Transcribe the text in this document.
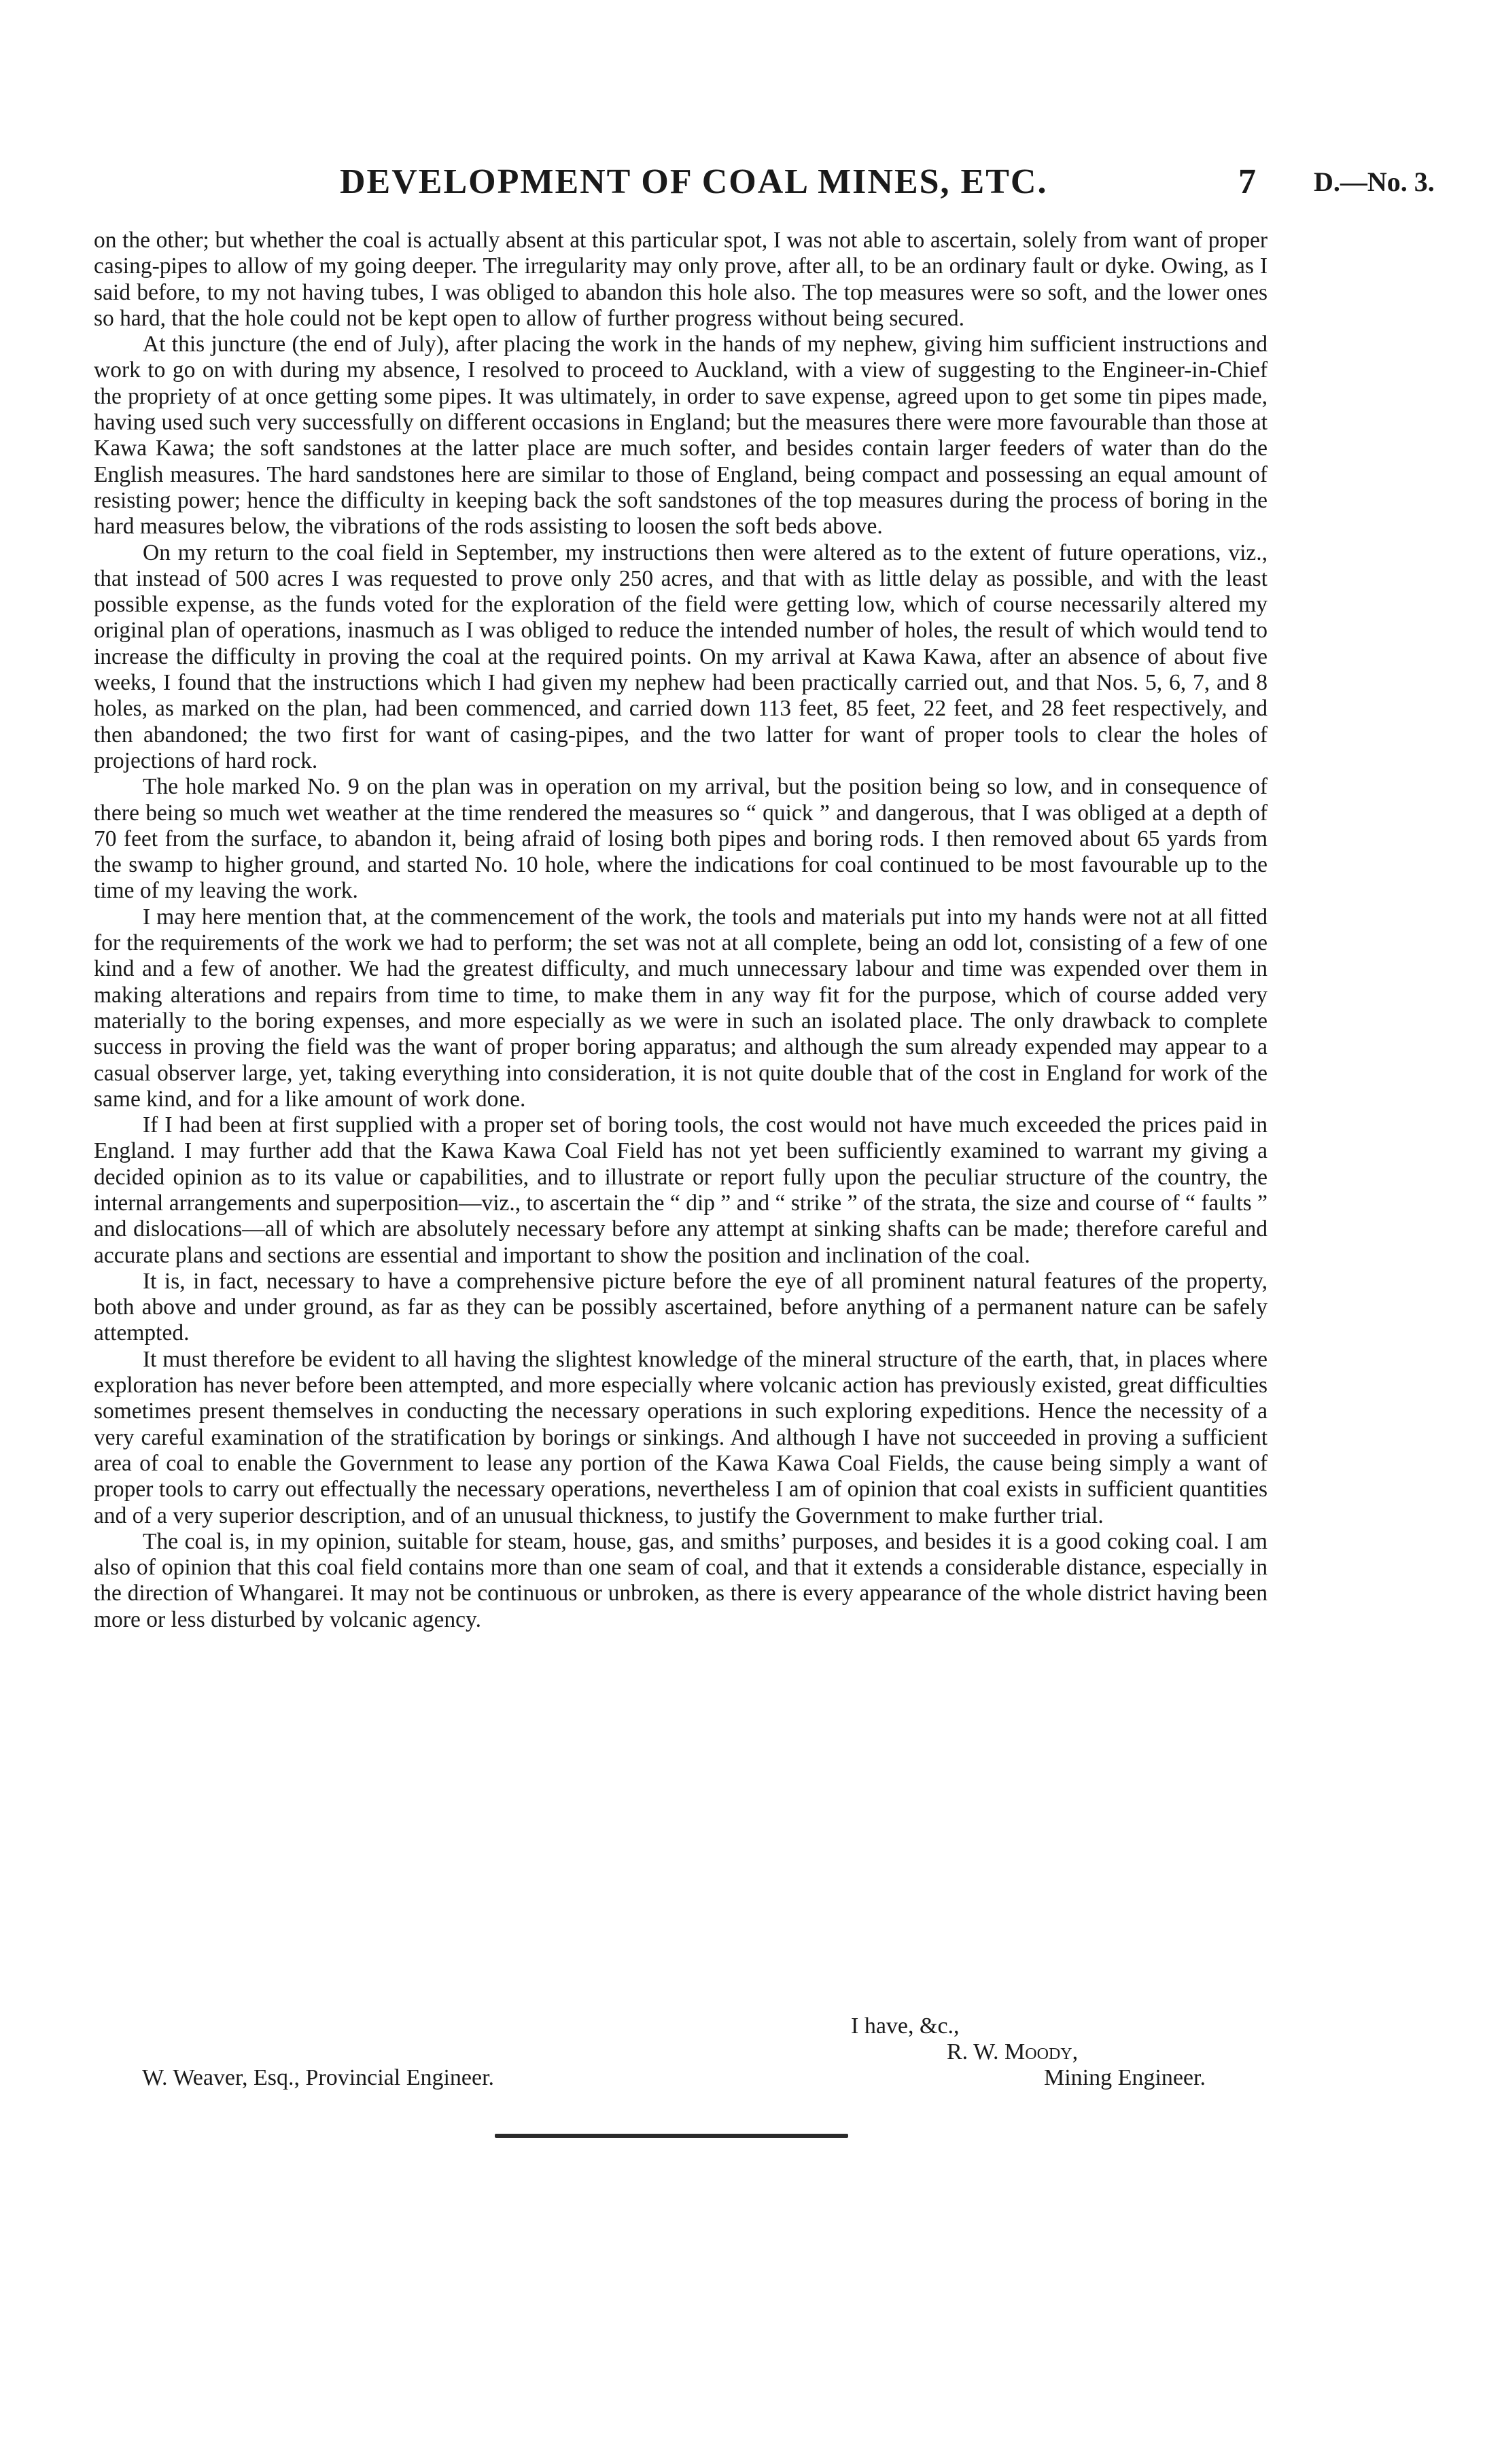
DEVELOPMENT OF COAL MINES, ETC.	7 D.—No. 3.

on the other; but whether the coal is actually absent at this particular spot, I was not able to ascertain, solely from want of proper casing-pipes to allow of my going deeper. The irregularity may only prove, after all, to be an ordinary fault or dyke. Owing, as I said before, to my not having tubes, I was obliged to abandon this hole also. The top measures were so soft, and the lower ones so hard, that the hole could not be kept open to allow of further progress without being secured.

At this juncture (the end of July), after placing the work in the hands of my nephew, giving him sufficient instructions and work to go on with during my absence, I resolved to proceed to Auckland, with a view of suggesting to the Engineer-in-Chief the propriety of at once getting some pipes. It was ultimately, in order to save expense, agreed upon to get some tin pipes made, having used such very successfully on different occasions in England; but the measures there were more favourable than those at Kawa Kawa; the soft sandstones at the latter place are much softer, and besides contain larger feeders of water than do the English measures. The hard sandstones here are similar to those of England, being compact and possessing an equal amount of resisting power; hence the difficulty in keeping back the soft sandstones of the top measures during the process of boring in the hard measures below, the vibrations of the rods assisting to loosen the soft beds above.

On my return to the coal field in September, my instructions then were altered as to the extent of future operations, viz., that instead of 500 acres I was requested to prove only 250 acres, and that with as little delay as possible, and with the least possible expense, as the funds voted for the exploration of the field were getting low, which of course necessarily altered my original plan of operations, inasmuch as I was obliged to reduce the intended number of holes, the result of which would tend to increase the difficulty in proving the coal at the required points. On my arrival at Kawa Kawa, after an absence of about five weeks, I found that the instructions which I had given my nephew had been practically carried out, and that Nos. 5, 6, 7, and 8 holes, as marked on the plan, had been commenced, and carried down 113 feet, 85 feet, 22 feet, and 28 feet respectively, and then abandoned; the two first for want of casing-pipes, and the two latter for want of proper tools to clear the holes of projections of hard rock.

The hole marked No. 9 on the plan was in operation on my arrival, but the position being so low, and in consequence of there being so much wet weather at the time rendered the measures so “ quick ” and dangerous, that I was obliged at a depth of 70 feet from the surface, to abandon it, being afraid of losing both pipes and boring rods. I then removed about 65 yards from the swamp to higher ground, and started No. 10 hole, where the indications for coal continued to be most favourable up to the time of my leaving the work.

I may here mention that, at the commencement of the work, the tools and materials put into my hands were not at all fitted for the requirements of the work we had to perform; the set was not at all complete, being an odd lot, consisting of a few of one kind and a few of another. We had the greatest difficulty, and much unnecessary labour and time was expended over them in making alterations and repairs from time to time, to make them in any way fit for the purpose, which of course added very materially to the boring expenses, and more especially as we were in such an isolated place. The only drawback to complete success in proving the field was the want of proper boring apparatus; and although the sum already expended may appear to a casual observer large, yet, taking everything into consideration, it is not quite double that of the cost in England for work of the same kind, and for a like amount of work done.

If I had been at first supplied with a proper set of boring tools, the cost would not have much exceeded the prices paid in England. I may further add that the Kawa Kawa Coal Field has not yet been sufficiently examined to warrant my giving a decided opinion as to its value or capabilities, and to illustrate or report fully upon the peculiar structure of the country, the internal arrangements and superposition—viz., to ascertain the “ dip ” and “ strike ” of the strata, the size and course of “ faults ” and dislocations—all of which are absolutely necessary before any attempt at sinking shafts can be made; therefore careful and accurate plans and sections are essential and important to show the position and inclination of the coal.

It is, in fact, necessary to have a comprehensive picture before the eye of all prominent natural features of the property, both above and under ground, as far as they can be possibly ascertained, before anything of a permanent nature can be safely attempted.

It must therefore be evident to all having the slightest knowledge of the mineral structure of the earth, that, in places where exploration has never before been attempted, and more especially where volcanic action has previously existed, great difficulties sometimes present themselves in conducting the necessary operations in such exploring expeditions. Hence the necessity of a very careful examination of the stratification by borings or sinkings. And although I have not succeeded in proving a sufficient area of coal to enable the Government to lease any portion of the Kawa Kawa Coal Fields, the cause being simply a want of proper tools to carry out effectually the necessary operations, nevertheless I am of opinion that coal exists in sufficient quantities and of a very superior description, and of an unusual thickness, to justify the Government to make further trial.

The coal is, in my opinion, suitable for steam, house, gas, and smiths’ purposes, and besides it is a good coking coal. I am also of opinion that this coal field contains more than one seam of coal, and that it extends a considerable distance, especially in the direction of Whangarei. It may not be continuous or unbroken, as there is every appearance of the whole district having been more or less disturbed by volcanic agency.

I have, &c.,
R. W. Moody,
W. Weaver, Esq., Provincial Engineer.	Mining Engineer.
